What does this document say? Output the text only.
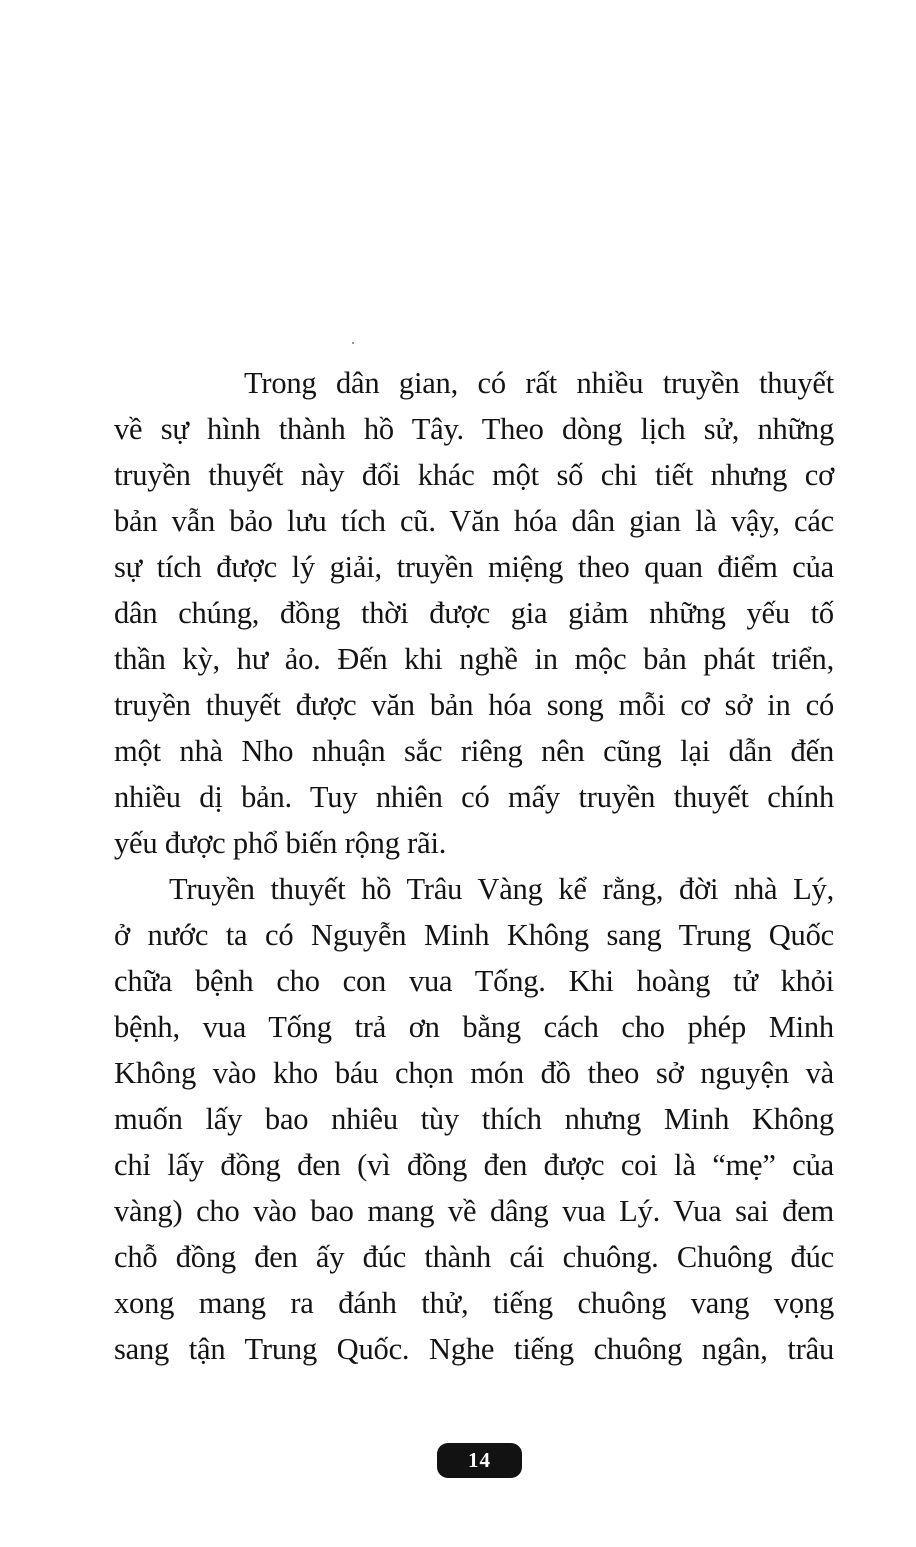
Trong dân gian, có rất nhiều truyền thuyết
về sự hình thành hồ Tây. Theo dòng lịch sử, những
truyền thuyết này đổi khác một số chi tiết nhưng cơ
bản vẫn bảo lưu tích cũ. Văn hóa dân gian là vậy, các
sự tích được lý giải, truyền miệng theo quan điểm của
dân chúng, đồng thời được gia giảm những yếu tố
thần kỳ, hư ảo. Đến khi nghề in mộc bản phát triển,
truyền thuyết được văn bản hóa song mỗi cơ sở in có
một nhà Nho nhuận sắc riêng nên cũng lại dẫn đến
nhiều dị bản. Tuy nhiên có mấy truyền thuyết chính
yếu được phổ biến rộng rãi.
Truyền thuyết hồ Trâu Vàng kể rằng, đời nhà Lý,
ở nước ta có Nguyễn Minh Không sang Trung Quốc
chữa bệnh cho con vua Tống. Khi hoàng tử khỏi
bệnh, vua Tống trả ơn bằng cách cho phép Minh
Không vào kho báu chọn món đồ theo sở nguyện và
muốn lấy bao nhiêu tùy thích nhưng Minh Không
chỉ lấy đồng đen (vì đồng đen được coi là “mẹ” của
vàng) cho vào bao mang về dâng vua Lý. Vua sai đem
chỗ đồng đen ấy đúc thành cái chuông. Chuông đúc
xong mang ra đánh thử, tiếng chuông vang vọng
sang tận Trung Quốc. Nghe tiếng chuông ngân, trâu
14
